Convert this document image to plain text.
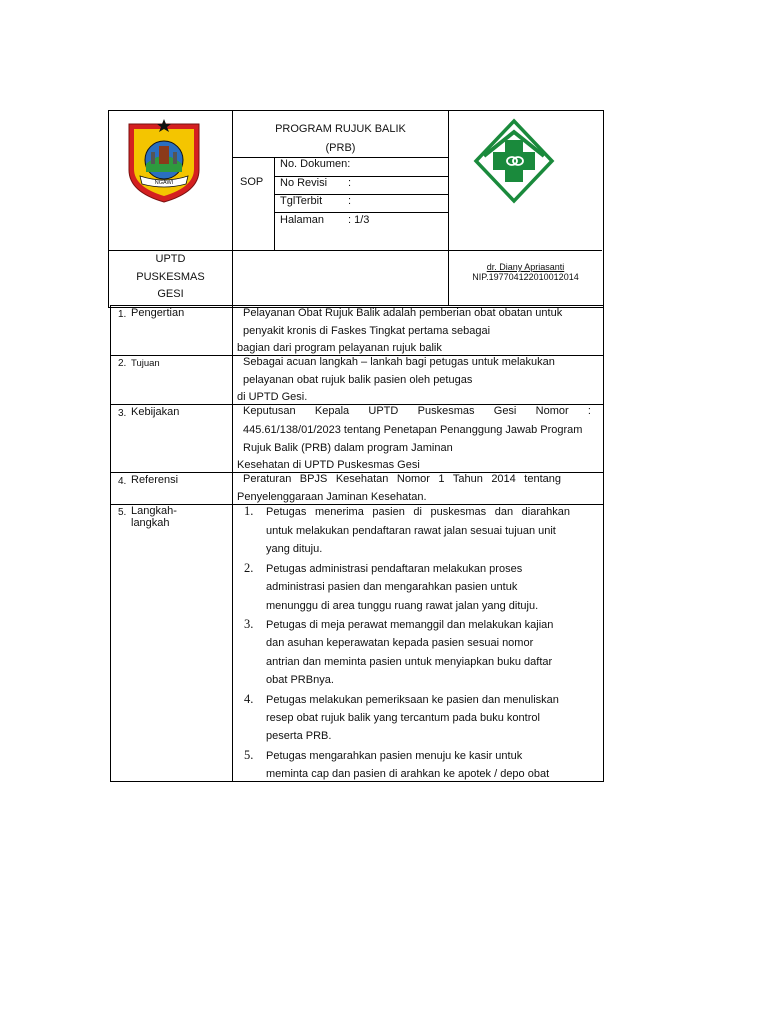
NGAWI
PROGRAM RUJUK BALIK
(PRB)
SOP
No. Dokumen:
No Revisi :
TglTerbit :
Halaman : 1/3
UPTD
PUSKESMAS
GESI
dr. Diany Apriasanti
NIP.197704122010012014
1. Pengertian	Pelayanan Obat Rujuk Balik adalah pemberian obat obatan untuk
penyakit kronis di Faskes Tingkat pertama sebagai
bagian dari program pelayanan rujuk balik
2. Tujuan	Sebagai acuan langkah – lankah bagi petugas untuk melakukan
pelayanan obat rujuk balik pasien oleh petugas
di UPTD Gesi.
3. Kebijakan	Keputusan Kepala UPTD Puskesmas Gesi Nomor :
445.61/138/01/2023 tentang Penetapan Penanggung Jawab Program
Rujuk Balik (PRB) dalam program Jaminan
Kesehatan di UPTD Puskesmas Gesi
4. Referensi	Peraturan BPJS Kesehatan Nomor 1 Tahun 2014 tentang
Penyelenggaraan Jaminan Kesehatan.
5. Langkah-langkah
1. Petugas menerima pasien di puskesmas dan diarahkan
untuk melakukan pendaftaran rawat jalan sesuai tujuan unit
yang dituju.
2. Petugas administrasi pendaftaran melakukan proses
administrasi pasien dan mengarahkan pasien untuk
menunggu di area tunggu ruang rawat jalan yang dituju.
3. Petugas di meja perawat memanggil dan melakukan kajian
dan asuhan keperawatan kepada pasien sesuai nomor
antrian dan meminta pasien untuk menyiapkan buku daftar
obat PRBnya.
4. Petugas melakukan pemeriksaan ke pasien dan menuliskan
resep obat rujuk balik yang tercantum pada buku kontrol
peserta PRB.
5. Petugas mengarahkan pasien menuju ke kasir untuk
meminta cap dan pasien di arahkan ke apotek / depo obat
